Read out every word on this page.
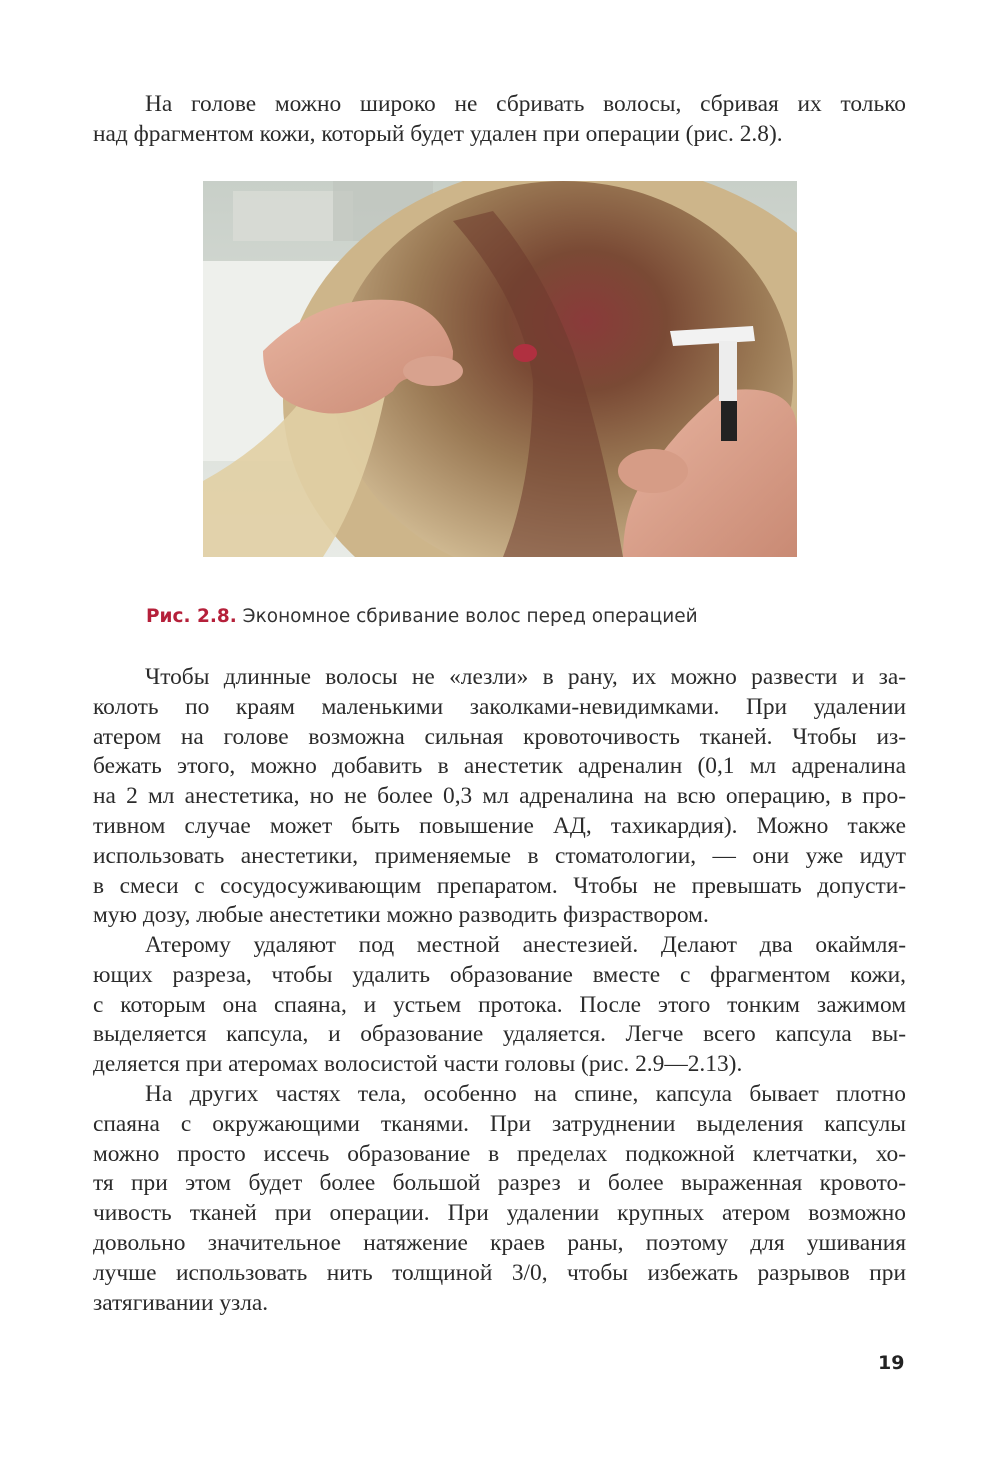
На голове можно широко не сбривать волосы, сбривая их только
над фрагментом кожи, который будет удален при операции (рис. 2.8).

Рис. 2.8. Экономное сбривание волос перед операцией

Чтобы длинные волосы не «лезли» в рану, их можно развести и за-
колоть по краям маленькими заколками-невидимками. При удалении
атером на голове возможна сильная кровоточивость тканей. Чтобы из-
бежать этого, можно добавить в анестетик адреналин (0,1 мл адреналина
на 2 мл анестетика, но не более 0,3 мл адреналина на всю операцию, в про-
тивном случае может быть повышение АД, тахикардия). Можно также
использовать анестетики, применяемые в стоматологии, — они уже идут
в смеси с сосудосуживающим препаратом. Чтобы не превышать допусти-
мую дозу, любые анестетики можно разводить физраствором.

Атерому удаляют под местной анестезией. Делают два окаймля-
ющих разреза, чтобы удалить образование вместе с фрагментом кожи,
с которым она спаяна, и устьем протока. После этого тонким зажимом
выделяется капсула, и образование удаляется. Легче всего капсула вы-
деляется при атеромах волосистой части головы (рис. 2.9—2.13).

На других частях тела, особенно на спине, капсула бывает плотно
спаяна с окружающими тканями. При затруднении выделения капсулы
можно просто иссечь образование в пределах подкожной клетчатки, хо-
тя при этом будет более большой разрез и более выраженная кровото-
чивость тканей при операции. При удалении крупных атером возможно
довольно значительное натяжение краев раны, поэтому для ушивания
лучше использовать нить толщиной 3/0, чтобы избежать разрывов при
затягивании узла.

19
